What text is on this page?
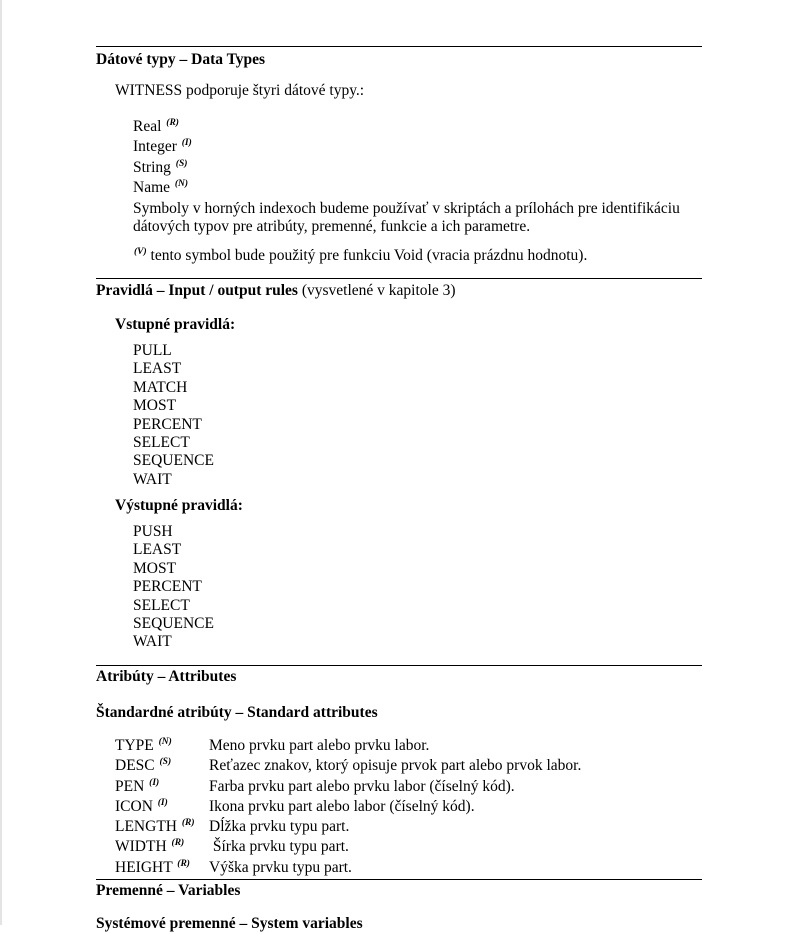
Dátové typy – Data Types
WITNESS podporuje štyri dátové typy.:
Real $^{(R)}$
Integer $^{(I)}$
String $^{(S)}$
Name $^{(N)}$
Symboly v horných indexoch budeme používať v skriptách a prílohách pre identifikáciu
dátových typov pre atribúty, premenné, funkcie a ich parametre.
$^{(V)}$ tento symbol bude použitý pre funkciu Void (vracia prázdnu hodnotu).
Pravidlá – Input / output rules (vysvetlené v kapitole 3)
Vstupné pravidlá:
PULL
LEAST
MATCH
MOST
PERCENT
SELECT
SEQUENCE
WAIT
Výstupné pravidlá:
PUSH
LEAST
MOST
PERCENT
SELECT
SEQUENCE
WAIT
Atribúty – Attributes
Štandardné atribúty – Standard attributes
TYPE $^{(N)}$	Meno prvku part alebo prvku labor.
DESC $^{(S)}$	Reťazec znakov, ktorý opisuje prvok part alebo prvok labor.
PEN $^{(I)}$	Farba prvku part alebo prvku labor (číselný kód).
ICON $^{(I)}$	Ikona prvku part alebo labor (číselný kód).
LENGTH $^{(R)}$ Dĺžka prvku typu part.
WIDTH $^{(R)}$	Šírka prvku typu part.
HEIGHT $^{(R)}$	Výška prvku typu part.
Premenné – Variables
Systémové premenné – System variables
